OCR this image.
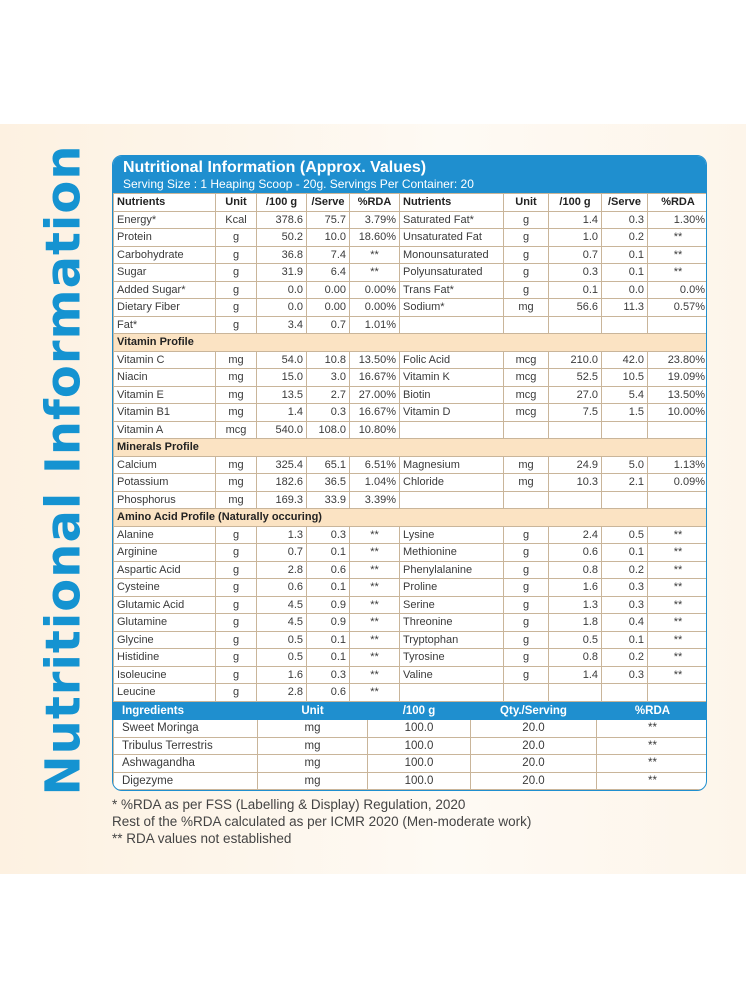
Nutritional Information Nutritional Information (Approx. Values)
Serving Size : 1 Heaping Scoop - 20g. Servings Per Container: 20
Nutrients	Unit	/100 g	/Serve	%RDA	Nutrients	Unit	/100 g	/Serve	%RDA
Energy*	Kcal	378.6	75.7	3.79%	Saturated Fat*	g	1.4	0.3	1.30%
Protein	g	50.2	10.0	18.60%	Unsaturated Fat	g	1.0	0.2	**
Carbohydrate	g	36.8	7.4	**	Monounsaturated	g	0.7	0.1	**
Sugar	g	31.9	6.4	**	Polyunsaturated	g	0.3	0.1	**
Added Sugar*	g	0.0	0.00	0.00%	Trans Fat*	g	0.1	0.0	0.0%
Dietary Fiber	g	0.0	0.00	0.00%	Sodium*	mg	56.6	11.3	0.57%
Fat*	g	3.4	0.7	1.01%					
Vitamin Profile									
Vitamin C	mg	54.0	10.8	13.50%	Folic Acid	mcg	210.0	42.0	23.80%
Niacin	mg	15.0	3.0	16.67%	Vitamin K	mcg	52.5	10.5	19.09%
Vitamin E	mg	13.5	2.7	27.00%	Biotin	mcg	27.0	5.4	13.50%
Vitamin B1	mg	1.4	0.3	16.67%	Vitamin D	mcg	7.5	1.5	10.00%
Vitamin A	mcg	540.0	108.0	10.80%					
Minerals Profile									
Calcium	mg	325.4	65.1	6.51%	Magnesium	mg	24.9	5.0	1.13%
Potassium	mg	182.6	36.5	1.04%	Chloride	mg	10.3	2.1	0.09%
Phosphorus	mg	169.3	33.9	3.39%					
Amino Acid Profile (Naturally occuring)									
Alanine	g	1.3	0.3	**	Lysine	g	2.4	0.5	**
Arginine	g	0.7	0.1	**	Methionine	g	0.6	0.1	**
Aspartic Acid	g	2.8	0.6	**	Phenylalanine	g	0.8	0.2	**
Cysteine	g	0.6	0.1	**	Proline	g	1.6	0.3	**
Glutamic Acid	g	4.5	0.9	**	Serine	g	1.3	0.3	**
Glutamine	g	4.5	0.9	**	Threonine	g	1.8	0.4	**
Glycine	g	0.5	0.1	**	Tryptophan	g	0.5	0.1	**
Histidine	g	0.5	0.1	**	Tyrosine	g	0.8	0.2	**
Isoleucine	g	1.6	0.3	**	Valine	g	1.4	0.3	**
Leucine	g	2.8	0.6	**					
Ingredients	Unit	/100 g	Qty./Serving	%RDA
Sweet Moringa	mg	100.0	20.0	**
Tribulus Terrestris	mg	100.0	20.0	**
Ashwagandha	mg	100.0	20.0	**
Digezyme	mg	100.0	20.0	**
* %RDA as per FSS (Labelling & Display) Regulation, 2020
Rest of the %RDA calculated as per ICMR 2020 (Men-moderate work)
** RDA values not established
